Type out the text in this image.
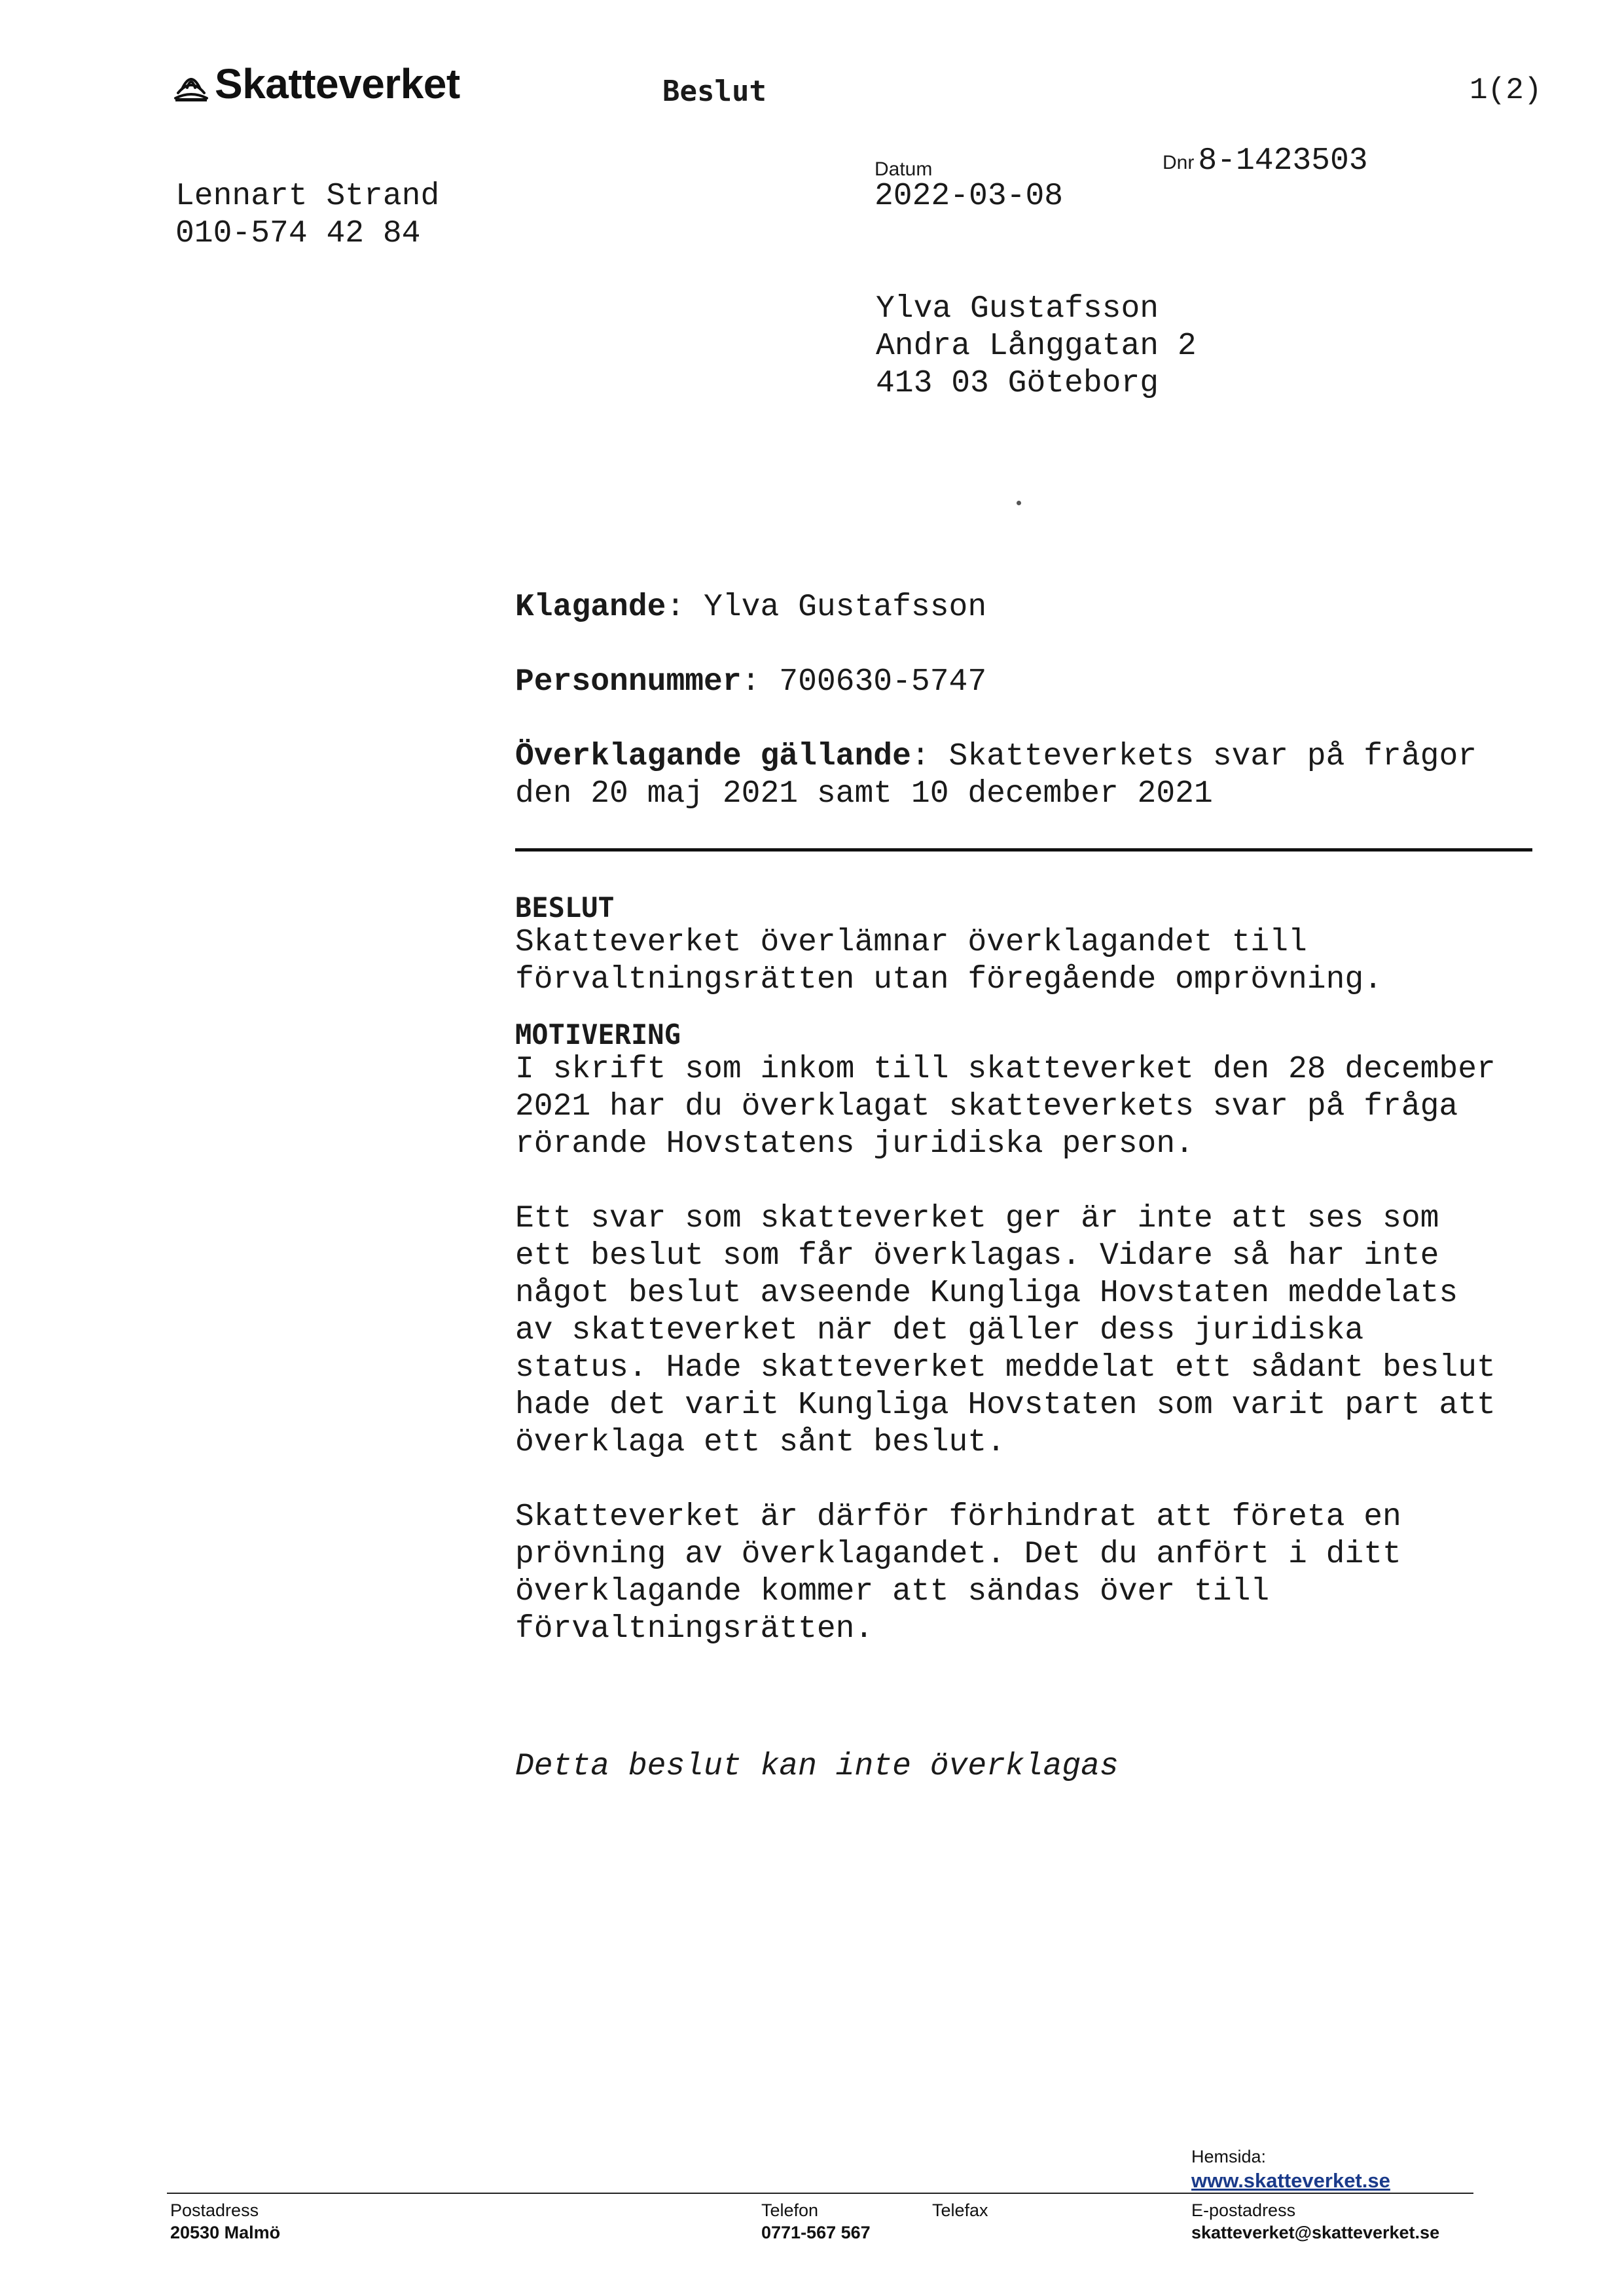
Skatteverket	Beslut	1(2)
Lennart Strand
010-574 42 84
Datum
2022-03-08
Dnr 8-1423503
Ylva Gustafsson
Andra Långgatan 2
413 03 Göteborg
Klagande: Ylva Gustafsson
Personnummer: 700630-5747
Överklagande gällande: Skatteverkets svar på frågor
den 20 maj 2021 samt 10 december 2021
BESLUT
Skatteverket överlämnar överklagandet till
förvaltningsrätten utan föregående omprövning.
MOTIVERING
I skrift som inkom till skatteverket den 28 december
2021 har du överklagat skatteverkets svar på fråga
rörande Hovstatens juridiska person.
Ett svar som skatteverket ger är inte att ses som
ett beslut som får överklagas. Vidare så har inte
något beslut avseende Kungliga Hovstaten meddelats
av skatteverket när det gäller dess juridiska
status. Hade skatteverket meddelat ett sådant beslut
hade det varit Kungliga Hovstaten som varit part att
överklaga ett sånt beslut.
Skatteverket är därför förhindrat att företa en
prövning av överklagandet. Det du anfört i ditt
överklagande kommer att sändas över till
förvaltningsrätten.
Detta beslut kan inte överklagas
Hemsida:
www.skatteverket.se
Postadress
20530 Malmö
Telefon
0771-567 567
Telefax	E-postadress
skatteverket@skatteverket.se
